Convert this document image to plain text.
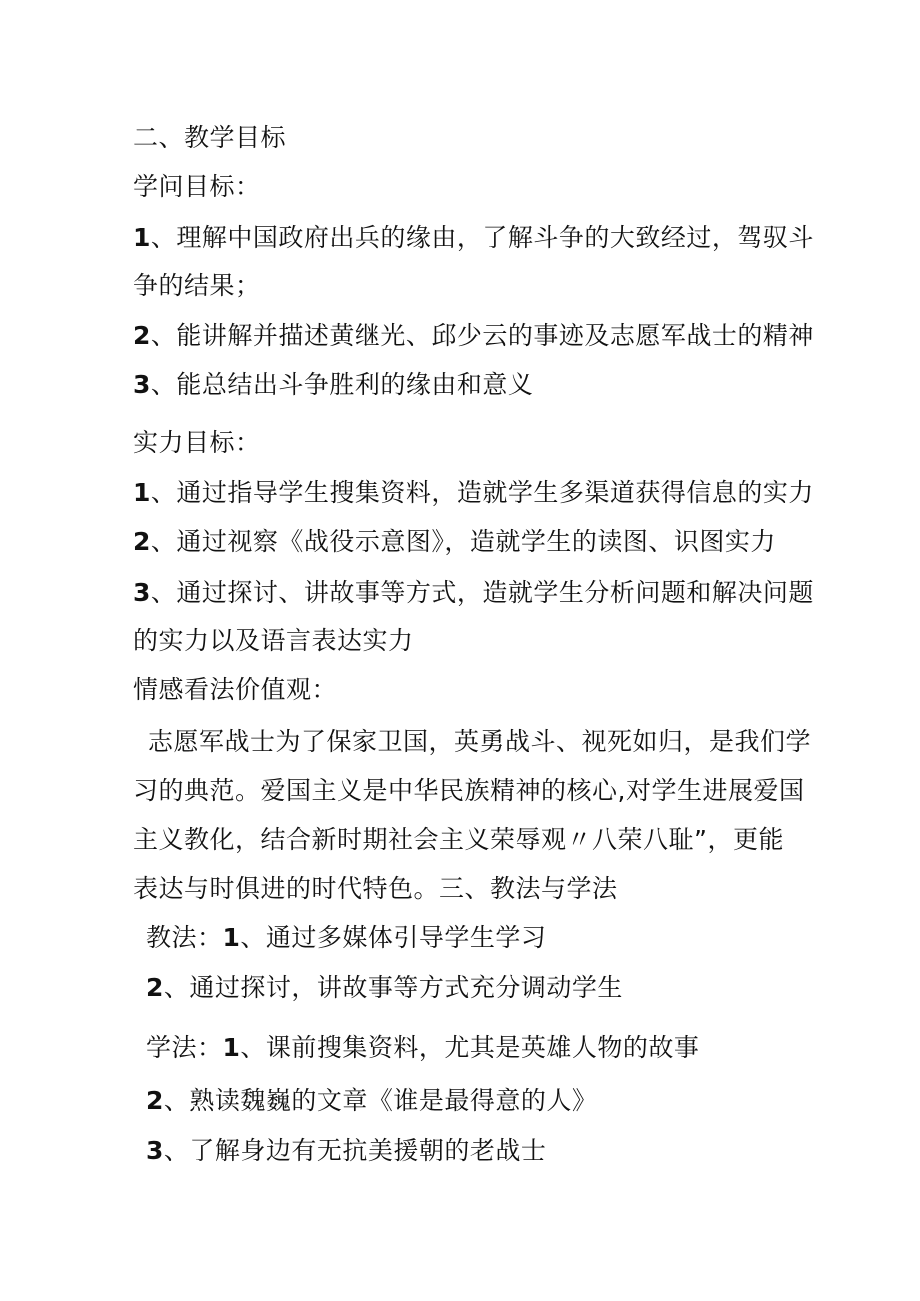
二、教学目标
学问目标：
1、理解中国政府出兵的缘由，了解斗争的大致经过，驾驭斗
争的结果；
2、能讲解并描述黄继光、邱少云的事迹及志愿军战士的精神
3、能总结出斗争胜利的缘由和意义
实力目标：
1、通过指导学生搜集资料，造就学生多渠道获得信息的实力
2、通过视察《战役示意图》，造就学生的读图、识图实力
3、通过探讨、讲故事等方式，造就学生分析问题和解决问题
的实力以及语言表达实力
情感看法价值观：
志愿军战士为了保家卫国，英勇战斗、视死如归，是我们学
习的典范。爱国主义是中华民族精神的核心,对学生进展爱国
主义教化，结合新时期社会主义荣辱观〃八荣八耻”，更能
表达与时俱进的时代特色。三、教法与学法
教法：1、通过多媒体引导学生学习
2、通过探讨，讲故事等方式充分调动学生
学法：1、课前搜集资料，尤其是英雄人物的故事
2、熟读魏巍的文章《谁是最得意的人》
3、了解身边有无抗美援朝的老战士
